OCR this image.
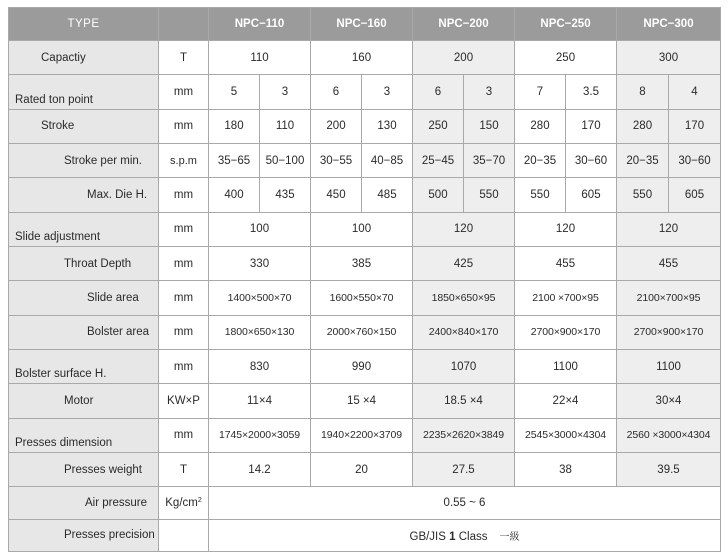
TYPE		NPC−110		NPC−160		NPC−200		NPC−250		NPC−300	
Capactiy	T	110		160		200		250		300	
Rated ton point	mm	5	3	6	3	6	3	7	3.5	8	4
Stroke	mm	180	110	200	130	250	150	280	170	280	170
Stroke per min.	s.p.m	35−65	50−100	30−55	40−85	25−45	35−70	20−35	30−60	20−35	30−60
Max. Die H.	mm	400	435	450	485	500	550	550	605	550	605
Slide adjustment	mm	100		100		120		120		120	
Throat Depth	mm	330		385		425		455		455	
Slide area	mm	1400×500×70		1600×550×70		1850×650×95		2100 ×700×95		2100×700×95	
Bolster area	mm	1800×650×130		2000×760×150		2400×840×170		2700×900×170		2700×900×170	
Bolster surface H.	mm	830		990		1070		1100		1100	
Motor	KW×P	11×4		15 ×4		18.5 ×4		22×4		30×4	
Presses dimension	mm	1745×2000×3059		1940×2200×3709		2235×2620×3849		2545×3000×4304		2560 ×3000×4304	
Presses weight	T	14.2		20		27.5		38		39.5	
Air pressure	$Kg/cm^2$	0.55 ~ 6									
Presses precision		GB/JIS 1 Class 一級									
